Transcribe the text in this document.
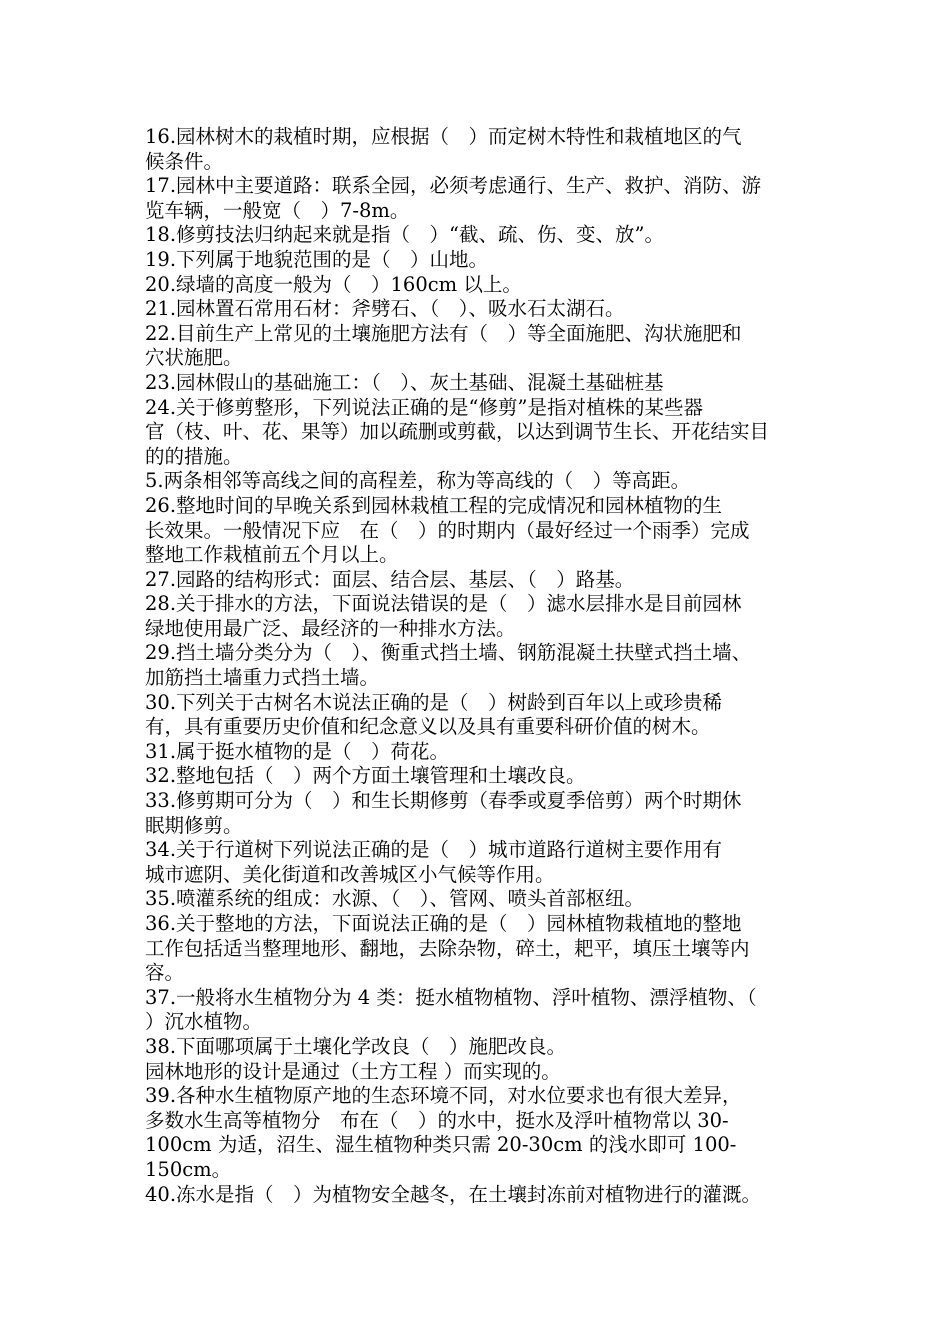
16.园林树木的栽植时期，应根据（　）而定树木特性和栽植地区的气
候条件。
17.园林中主要道路：联系全园，必须考虑通行、生产、救护、消防、游
览车辆，一般宽（　）7-8m。
18.修剪技法归纳起来就是指（　）“截、疏、伤、变、放”。
19.下列属于地貌范围的是（　）山地。
20.绿墙的高度一般为（　）160cm 以上。
21.园林置石常用石材：斧劈石、（　）、吸水石太湖石。
22.目前生产上常见的土壤施肥方法有（　）等全面施肥、沟状施肥和
穴状施肥。
23.园林假山的基础施工：（　）、灰土基础、混凝土基础桩基
24.关于修剪整形，下列说法正确的是“修剪”是指对植株的某些器
官（枝、叶、花、果等）加以疏删或剪截，以达到调节生长、开花结实目
的的措施。
5.两条相邻等高线之间的高程差，称为等高线的（　）等高距。
26.整地时间的早晚关系到园林栽植工程的完成情况和园林植物的生
长效果。一般情况下应　在（　）的时期内（最好经过一个雨季）完成
整地工作栽植前五个月以上。
27.园路的结构形式：面层、结合层、基层、（　）路基。
28.关于排水的方法，下面说法错误的是（　）滤水层排水是目前园林
绿地使用最广泛、最经济的一种排水方法。
29.挡土墙分类分为（　）、衡重式挡土墙、钢筋混凝土扶壁式挡土墙、
加筋挡土墙重力式挡土墙。
30.下列关于古树名木说法正确的是（　）树龄到百年以上或珍贵稀
有，具有重要历史价值和纪念意义以及具有重要科研价值的树木。
31.属于挺水植物的是（　）荷花。
32.整地包括（　）两个方面土壤管理和土壤改良。
33.修剪期可分为（　）和生长期修剪（春季或夏季倍剪）两个时期休
眠期修剪。
34.关于行道树下列说法正确的是（　）城市道路行道树主要作用有
城市遮阴、美化街道和改善城区小气候等作用。
35.喷灌系统的组成：水源、（　）、管网、喷头首部枢纽。
36.关于整地的方法，下面说法正确的是（　）园林植物栽植地的整地
工作包括适当整理地形、翻地，去除杂物，碎土，耙平，填压土壤等内
容。
37.一般将水生植物分为 4 类：挺水植物植物、浮叶植物、漂浮植物、（
）沉水植物。
38.下面哪项属于土壤化学改良（　）施肥改良。
园林地形的设计是通过（土方工程 ）而实现的。
39.各种水生植物原产地的生态环境不同，对水位要求也有很大差异，
多数水生高等植物分　布在（　）的水中，挺水及浮叶植物常以 30-
100cm 为适，沼生、湿生植物种类只需 20-30cm 的浅水即可 100-
150cm。
40.冻水是指（　）为植物安全越冬，在土壤封冻前对植物进行的灌溉。
